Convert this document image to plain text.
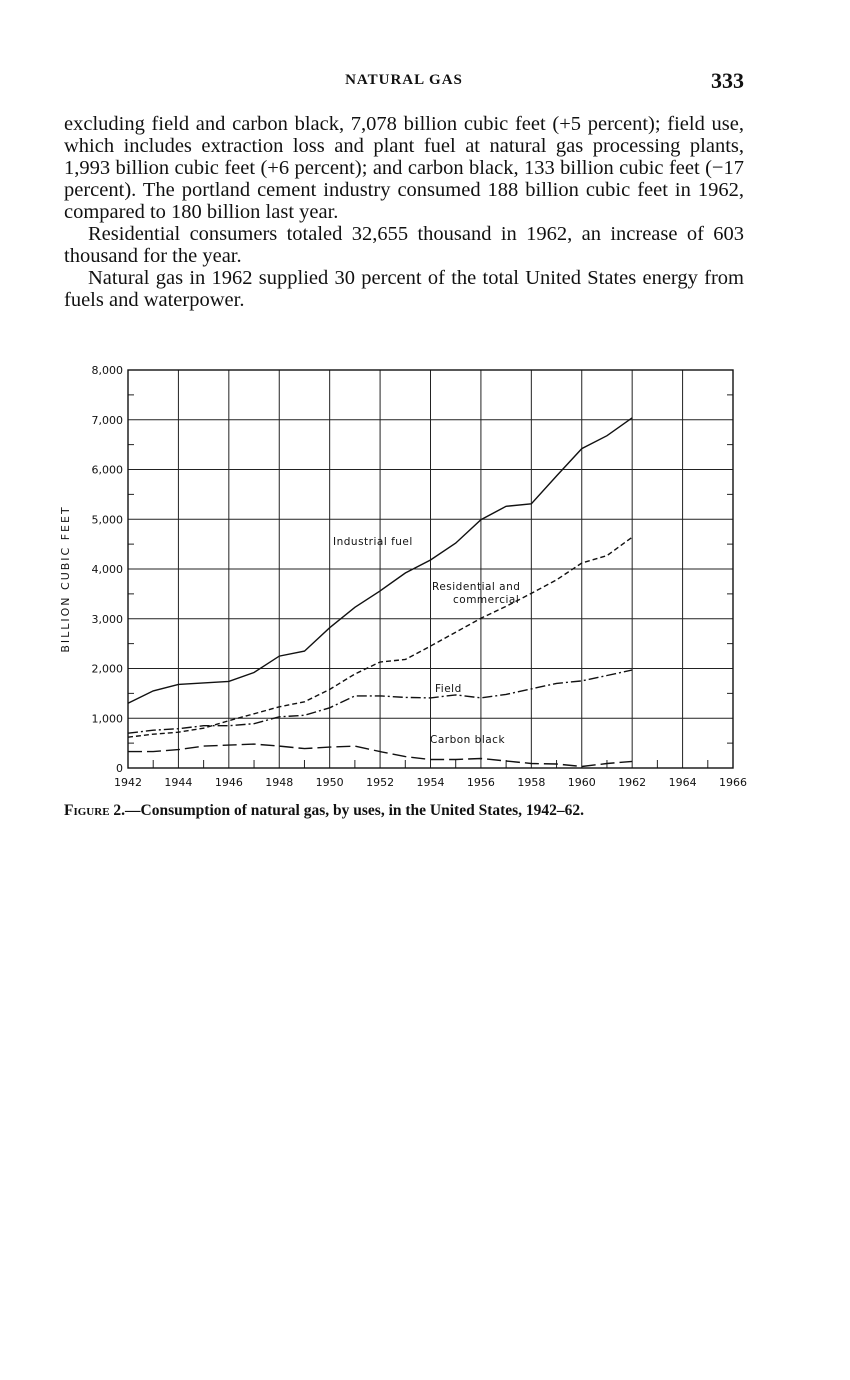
NATURAL GAS	333

excluding field and carbon black, 7,078 billion cubic feet (+5 percent); field use, which includes extraction loss and plant fuel at natural gas processing plants, 1,993 billion cubic feet (+6 percent); and carbon black, 133 billion cubic feet (−17 percent). The portland cement industry consumed 188 billion cubic feet in 1962, compared to 180 billion last year.

Residential consumers totaled 32,655 thousand in 1962, an increase of 603 thousand for the year.

Natural gas in 1962 supplied 30 percent of the total United States energy from fuels and waterpower.

0
1,000
2,000
3,000
4,000
5,000
6,000
7,000
8,000
1942 1944 1946 1948 1950 1952 1954 1956 1958 1960 1962 1964 1966
BILLION CUBIC FEET	Industrial fuel
Residential and
commercial
Field
Carbon black
Figure 2.—Consumption of natural gas, by uses, in the United States, 1942–62.
